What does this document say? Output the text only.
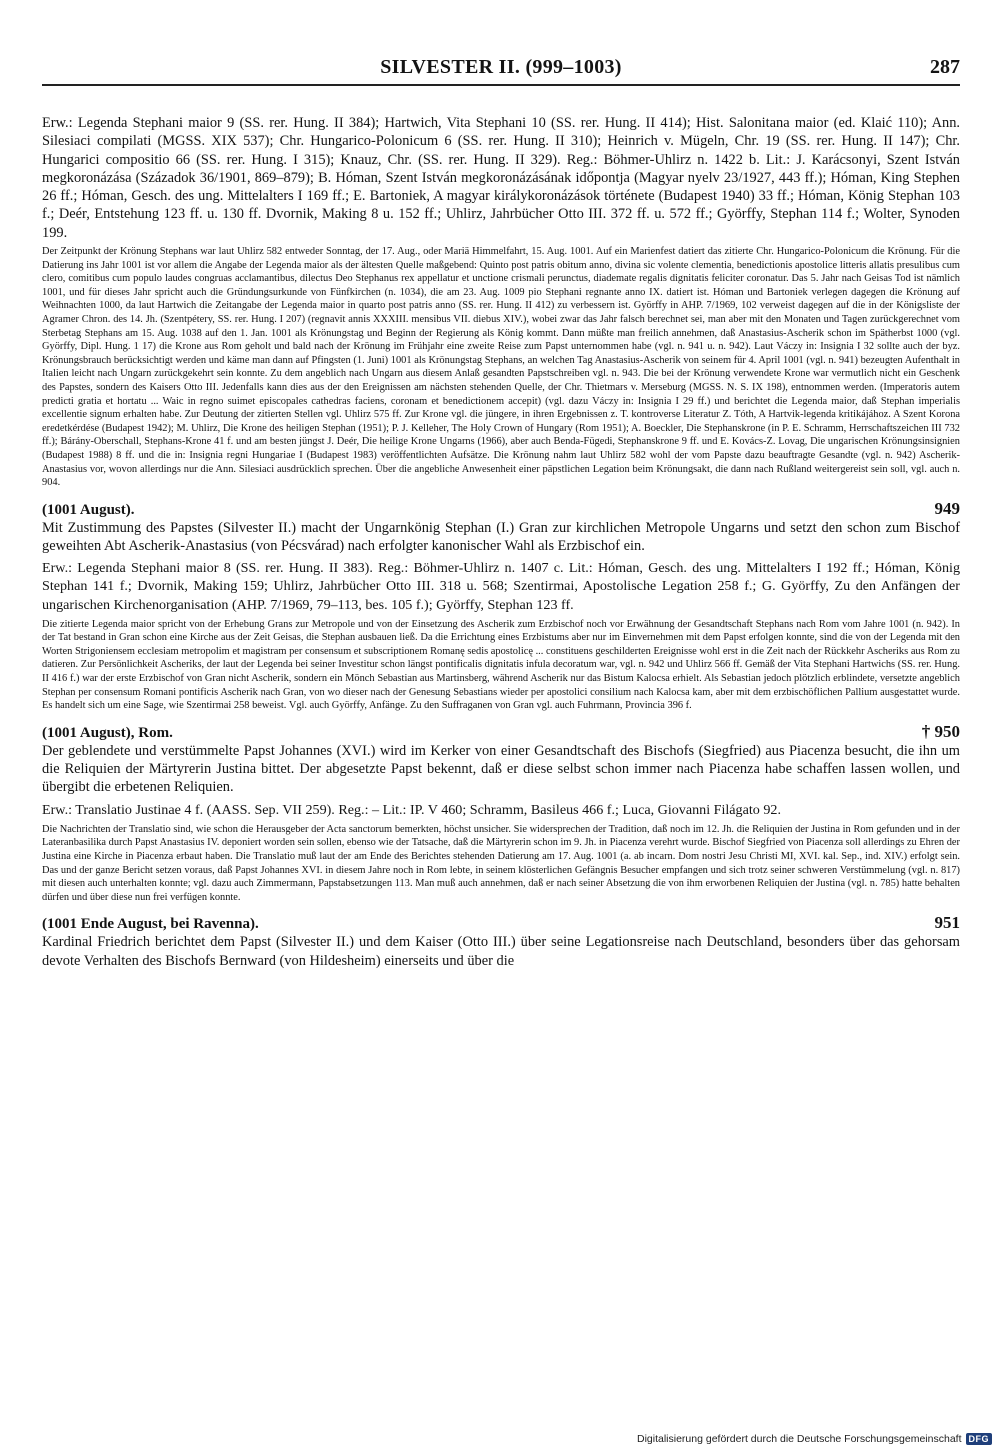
SILVESTER II. (999–1003)	287

Erw.: Legenda Stephani maior 9 (SS. rer. Hung. II 384); Hartwich, Vita Stephani 10 (SS. rer. Hung. II 414); Hist. Salonitana maior (ed. Klaić 110); Ann. Silesiaci compilati (MGSS. XIX 537); Chr. Hungarico-Polonicum 6 (SS. rer. Hung. II 310); Heinrich v. Mügeln, Chr. 19 (SS. rer. Hung. II 147); Chr. Hungarici compositio 66 (SS. rer. Hung. I 315); Knauz, Chr. (SS. rer. Hung. II 329). Reg.: Böhmer-Uhlirz n. 1422 b. Lit.: J. Karácsonyi, Szent István megkoronázása (Századok 36/1901, 869–879); B. Hóman, Szent István megkoronázásának időpontja (Magyar nyelv 23/1927, 443 ff.); Hóman, King Stephen 26 ff.; Hóman, Gesch. des ung. Mittelalters I 169 ff.; E. Bartoniek, A magyar királykoronázások története (Budapest 1940) 33 ff.; Hóman, König Stephan 103 f.; Deér, Entstehung 123 ff. u. 130 ff. Dvornik, Making 8 u. 152 ff.; Uhlirz, Jahrbücher Otto III. 372 ff. u. 572 ff.; Györffy, Stephan 114 f.; Wolter, Synoden 199.

Der Zeitpunkt der Krönung Stephans war laut Uhlirz 582 entweder Sonntag, der 17. Aug., oder Mariä Himmelfahrt, 15. Aug. 1001. Auf ein Marienfest datiert das zitierte Chr. Hungarico-Polonicum die Krönung. Für die Datierung ins Jahr 1001 ist vor allem die Angabe der Legenda maior als der ältesten Quelle maßgebend: Quinto post patris obitum anno, divina sic volente clementia, benedictionis apostolice litteris allatis presulibus cum clero, comitibus cum populo laudes congruas acclamantibus, dilectus Deo Stephanus rex appellatur et unctione crismali perunctus, diademate regalis dignitatis feliciter coronatur. Das 5. Jahr nach Geisas Tod ist nämlich 1001, und für dieses Jahr spricht auch die Gründungsurkunde von Fünfkirchen (n. 1034), die am 23. Aug. 1009 pio Stephani regnante anno IX. datiert ist. Hóman und Bartoniek verlegen dagegen die Krönung auf Weihnachten 1000, da laut Hartwich die Zeitangabe der Legenda maior in quarto post patris anno (SS. rer. Hung. II 412) zu verbessern ist. Györffy in AHP. 7/1969, 102 verweist dagegen auf die in der Königsliste der Agramer Chron. des 14. Jh. (Szentpétery, SS. rer. Hung. I 207) (regnavit annis XXXIII. mensibus VII. diebus XIV.), wobei zwar das Jahr falsch berechnet sei, man aber mit den Monaten und Tagen zurückgerechnet vom Sterbetag Stephans am 15. Aug. 1038 auf den 1. Jan. 1001 als Krönungstag und Beginn der Regierung als König kommt. Dann müßte man freilich annehmen, daß Anastasius-Ascherik schon im Spätherbst 1000 (vgl. Györffy, Dipl. Hung. 1 17) die Krone aus Rom geholt und bald nach der Krönung im Frühjahr eine zweite Reise zum Papst unternommen habe (vgl. n. 941 u. n. 942). Laut Váczy in: Insignia I 32 sollte auch der byz. Krönungsbrauch berücksichtigt werden und käme man dann auf Pfingsten (1. Juni) 1001 als Krönungstag Stephans, an welchen Tag Anastasius-Ascherik von seinem für 4. April 1001 (vgl. n. 941) bezeugten Aufenthalt in Italien leicht nach Ungarn zurückgekehrt sein konnte. Zu dem angeblich nach Ungarn aus diesem Anlaß gesandten Papstschreiben vgl. n. 943. Die bei der Krönung verwendete Krone war vermutlich nicht ein Geschenk des Papstes, sondern des Kaisers Otto III. Jedenfalls kann dies aus der den Ereignissen am nächsten stehenden Quelle, der Chr. Thietmars v. Merseburg (MGSS. N. S. IX 198), entnommen werden. (Imperatoris autem predicti gratia et hortatu ... Waic in regno suimet episcopales cathedras faciens, coronam et benedictionem accepit) (vgl. dazu Váczy in: Insignia I 29 ff.) und berichtet die Legenda maior, daß Stephan imperialis excellentie signum erhalten habe. Zur Deutung der zitierten Stellen vgl. Uhlirz 575 ff. Zur Krone vgl. die jüngere, in ihren Ergebnissen z. T. kontroverse Literatur Z. Tóth, A Hartvik-legenda kritikájához. A Szent Korona eredetkérdése (Budapest 1942); M. Uhlirz, Die Krone des heiligen Stephan (1951); P. J. Kelleher, The Holy Crown of Hungary (Rom 1951); A. Boeckler, Die Stephanskrone (in P. E. Schramm, Herrschaftszeichen III 732 ff.); Bárány-Oberschall, Stephans-Krone 41 f. und am besten jüngst J. Deér, Die heilige Krone Ungarns (1966), aber auch Benda-Fügedi, Stephanskrone 9 ff. und E. Kovács-Z. Lovag, Die ungarischen Krönungsinsignien (Budapest 1988) 8 ff. und die in: Insignia regni Hungariae I (Budapest 1983) veröffentlichten Aufsätze. Die Krönung nahm laut Uhlirz 582 wohl der vom Papste dazu beauftragte Gesandte (vgl. n. 942) Ascherik-Anastasius vor, wovon allerdings nur die Ann. Silesiaci ausdrücklich sprechen. Über die angebliche Anwesenheit einer päpstlichen Legation beim Krönungsakt, die dann nach Rußland weitergereist sein soll, vgl. auch n. 904.

(1001 August).	949

Mit Zustimmung des Papstes (Silvester II.) macht der Ungarnkönig Stephan (I.) Gran zur kirchlichen Metropole Ungarns und setzt den schon zum Bischof geweihten Abt Ascherik-Anastasius (von Pécsvárad) nach erfolgter kanonischer Wahl als Erzbischof ein.

Erw.: Legenda Stephani maior 8 (SS. rer. Hung. II 383). Reg.: Böhmer-Uhlirz n. 1407 c. Lit.: Hóman, Gesch. des ung. Mittelalters I 192 ff.; Hóman, König Stephan 141 f.; Dvornik, Making 159; Uhlirz, Jahrbücher Otto III. 318 u. 568; Szentirmai, Apostolische Legation 258 f.; G. Györffy, Zu den Anfängen der ungarischen Kirchenorganisation (AHP. 7/1969, 79–113, bes. 105 f.); Györffy, Stephan 123 ff.

Die zitierte Legenda maior spricht von der Erhebung Grans zur Metropole und von der Einsetzung des Ascherik zum Erzbischof noch vor Erwähnung der Gesandtschaft Stephans nach Rom vom Jahre 1001 (n. 942). In der Tat bestand in Gran schon eine Kirche aus der Zeit Geisas, die Stephan ausbauen ließ. Da die Errichtung eines Erzbistums aber nur im Einvernehmen mit dem Papst erfolgen konnte, sind die von der Legenda mit den Worten Strigoniensem ecclesiam metropolim et magistram per consensum et subscriptionem Romanę sedis apostolicę ... constituens geschilderten Ereignisse wohl erst in die Zeit nach der Rückkehr Ascheriks aus Rom zu datieren. Zur Persönlichkeit Ascheriks, der laut der Legenda bei seiner Investitur schon längst pontificalis dignitatis infula decoratum war, vgl. n. 942 und Uhlirz 566 ff. Gemäß der Vita Stephani Hartwichs (SS. rer. Hung. II 416 f.) war der erste Erzbischof von Gran nicht Ascherik, sondern ein Mönch Sebastian aus Martinsberg, während Ascherik nur das Bistum Kalocsa erhielt. Als Sebastian jedoch plötzlich erblindete, versetzte angeblich Stephan per consensum Romani pontificis Ascherik nach Gran, von wo dieser nach der Genesung Sebastians wieder per apostolici consilium nach Kalocsa kam, aber mit dem erzbischöflichen Pallium ausgestattet wurde. Es handelt sich um eine Sage, wie Szentirmai 258 beweist. Vgl. auch Györffy, Anfänge. Zu den Suffraganen von Gran vgl. auch Fuhrmann, Provincia 396 f.

(1001 August), Rom.	† 950

Der geblendete und verstümmelte Papst Johannes (XVI.) wird im Kerker von einer Gesandtschaft des Bischofs (Siegfried) aus Piacenza besucht, die ihn um die Reliquien der Märtyrerin Justina bittet. Der abgesetzte Papst bekennt, daß er diese selbst schon immer nach Piacenza habe schaffen lassen wollen, und übergibt die erbetenen Reliquien.

Erw.: Translatio Justinae 4 f. (AASS. Sep. VII 259). Reg.: – Lit.: IP. V 460; Schramm, Basileus 466 f.; Luca, Giovanni Filágato 92.

Die Nachrichten der Translatio sind, wie schon die Herausgeber der Acta sanctorum bemerkten, höchst unsicher. Sie widersprechen der Tradition, daß noch im 12. Jh. die Reliquien der Justina in Rom gefunden und in der Lateranbasilika durch Papst Anastasius IV. deponiert worden sein sollen, ebenso wie der Tatsache, daß die Märtyrerin schon im 9. Jh. in Piacenza verehrt wurde. Bischof Siegfried von Piacenza soll allerdings zu Ehren der Justina eine Kirche in Piacenza erbaut haben. Die Translatio muß laut der am Ende des Berichtes stehenden Datierung am 17. Aug. 1001 (a. ab incarn. Dom nostri Jesu Christi MI, XVI. kal. Sep., ind. XIV.) erfolgt sein. Das und der ganze Bericht setzen voraus, daß Papst Johannes XVI. in diesem Jahre noch in Rom lebte, in seinem klösterlichen Gefängnis Besucher empfangen und sich trotz seiner schweren Verstümmelung (vgl. n. 817) mit diesen auch unterhalten konnte; vgl. dazu auch Zimmermann, Papstabsetzungen 113. Man muß auch annehmen, daß er nach seiner Absetzung die von ihm erworbenen Reliquien der Justina (vgl. n. 785) hatte behalten dürfen und über diese nun frei verfügen konnte.

(1001 Ende August, bei Ravenna).	951

Kardinal Friedrich berichtet dem Papst (Silvester II.) und dem Kaiser (Otto III.) über seine Legationsreise nach Deutschland, besonders über das gehorsam devote Verhalten des Bischofs Bernward (von Hildesheim) einerseits und über die

Digitalisierung gefördert durch die Deutsche Forschungsgemeinschaft DFG
